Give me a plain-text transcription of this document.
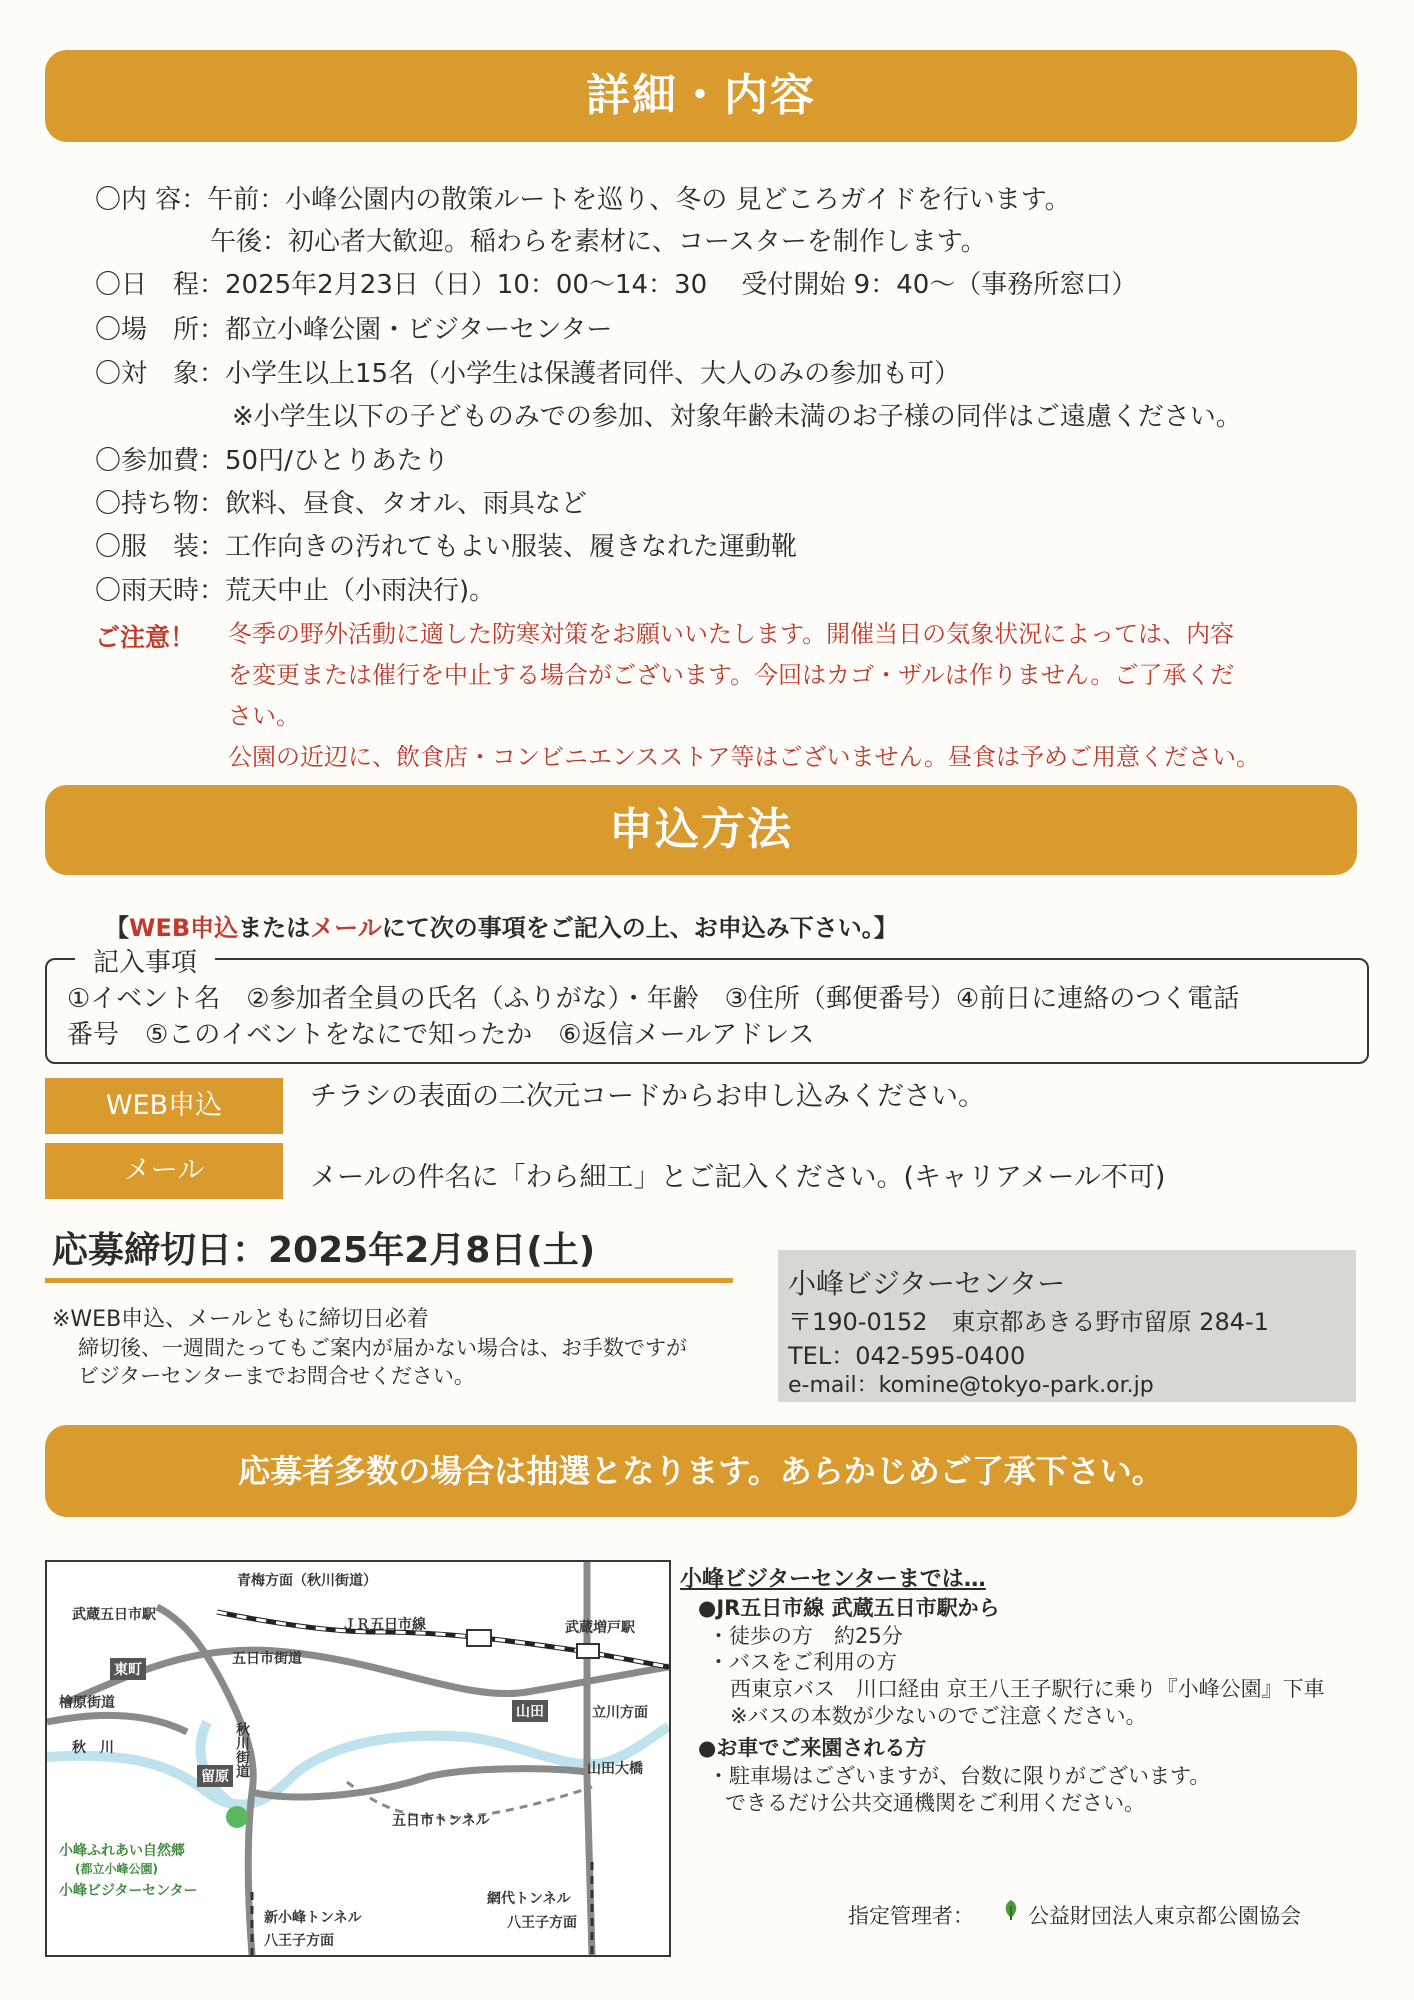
詳細・内容
〇内 容：午前：小峰公園内の散策ルートを巡り、冬の 見どころガイドを行います。
午後：初心者大歓迎。稲わらを素材に、コースターを制作します。
〇日　程：2025年2月23日（日）10：00～14：30　 受付開始 9：40～（事務所窓口）
〇場　所：都立小峰公園・ビジターセンター
〇対　象：小学生以上15名（小学生は保護者同伴、大人のみの参加も可）
※小学生以下の子どものみでの参加、対象年齢未満のお子様の同伴はご遠慮ください。
〇参加費：50円/ひとりあたり
〇持ち物：飲料、昼食、タオル、雨具など
〇服　装：工作向きの汚れてもよい服装、履きなれた運動靴
〇雨天時：荒天中止（小雨決行)。
ご注意！ 冬季の野外活動に適した防寒対策をお願いいたします。開催当日の気象状況によっては、内容
を変更または催行を中止する場合がございます。今回はカゴ・ザルは作りません。ご了承くだ
さい。
公園の近辺に、飲食店・コンビニエンスストア等はございません。昼食は予めご用意ください。
申込方法
【WEB申込またはメールにて次の事項をご記入の上、お申込み下さい。】
記入事項
①イベント名　②参加者全員の氏名（ふりがな）・年齢　③住所（郵便番号）④前日に連絡のつく電話
番号　⑤このイベントをなにで知ったか　⑥返信メールアドレス
WEB申込	チラシの表面の二次元コードからお申し込みください。
メール	メールの件名に「わら細工」とご記入ください。(キャリアメール不可)
応募締切日：2025年2月8日(土)
※WEB申込、メールともに締切日必着
締切後、一週間たってもご案内が届かない場合は、お手数ですが
ビジターセンターまでお問合せください。
小峰ビジターセンター
〒190-0152　東京都あきる野市留原 284-1
TEL：042-595-0400
e-mail：komine@tokyo-park.or.jp
応募者多数の場合は抽選となります。あらかじめご了承下さい。
青梅方面（秋川街道）
武蔵五日市駅
ＪＲ五日市線	武蔵増戸駅
五日市街道
東町
檜原街道
秋　川	秋川街道
山田	立川方面
山田大橋
留原
五日市トンネル
小峰ふれあい自然郷
(都立小峰公園)
小峰ビジターセンター
新小峰トンネル
八王子方面
網代トンネル
八王子方面
小峰ビジターセンターまでは…
●JR五日市線 武蔵五日市駅から
・徒歩の方　約25分
・バスをご利用の方
西東京バス　川口経由 京王八王子駅行に乗り『小峰公園』下車
※バスの本数が少ないのでご注意ください。
●お車でご来園される方
・駐車場はございますが、台数に限りがございます。
できるだけ公共交通機関をご利用ください。
指定管理者：	公益財団法人東京都公園協会
